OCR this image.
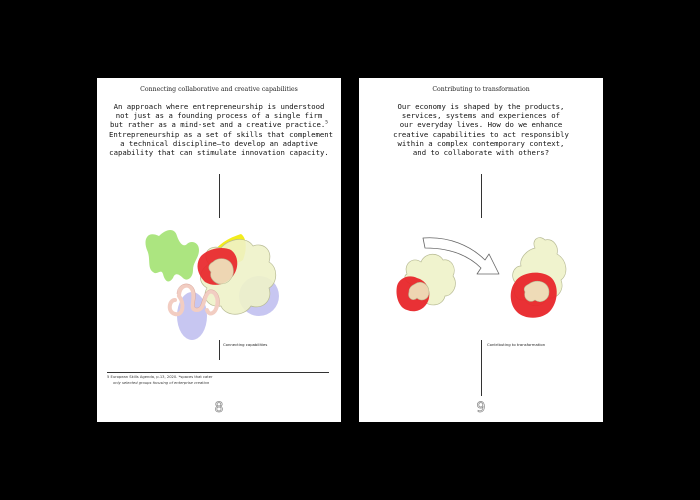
Connecting collaborative and creative capabilities

An approach where entrepreneurship is understood
not just as a founding process of a single firm
but rather as a mind-set and a creative practice.$^5$
Entrepreneurship as a set of skills that complement
a technical discipline—to develop an adaptive
capability that can stimulate innovation capacity.

Connecting capabilities
5 European Skills Agenda, p.13, 2020. *spaces that cater
only selected groups focusing of enterprise creation
8
Contributing to transformation

Our economy is shaped by the products,
services, systems and experiences of
our everyday lives. How do we enhance
creative capabilities to act responsibly
within a complex contemporary context,
and to collaborate with others?

Contributing to transformation
9
